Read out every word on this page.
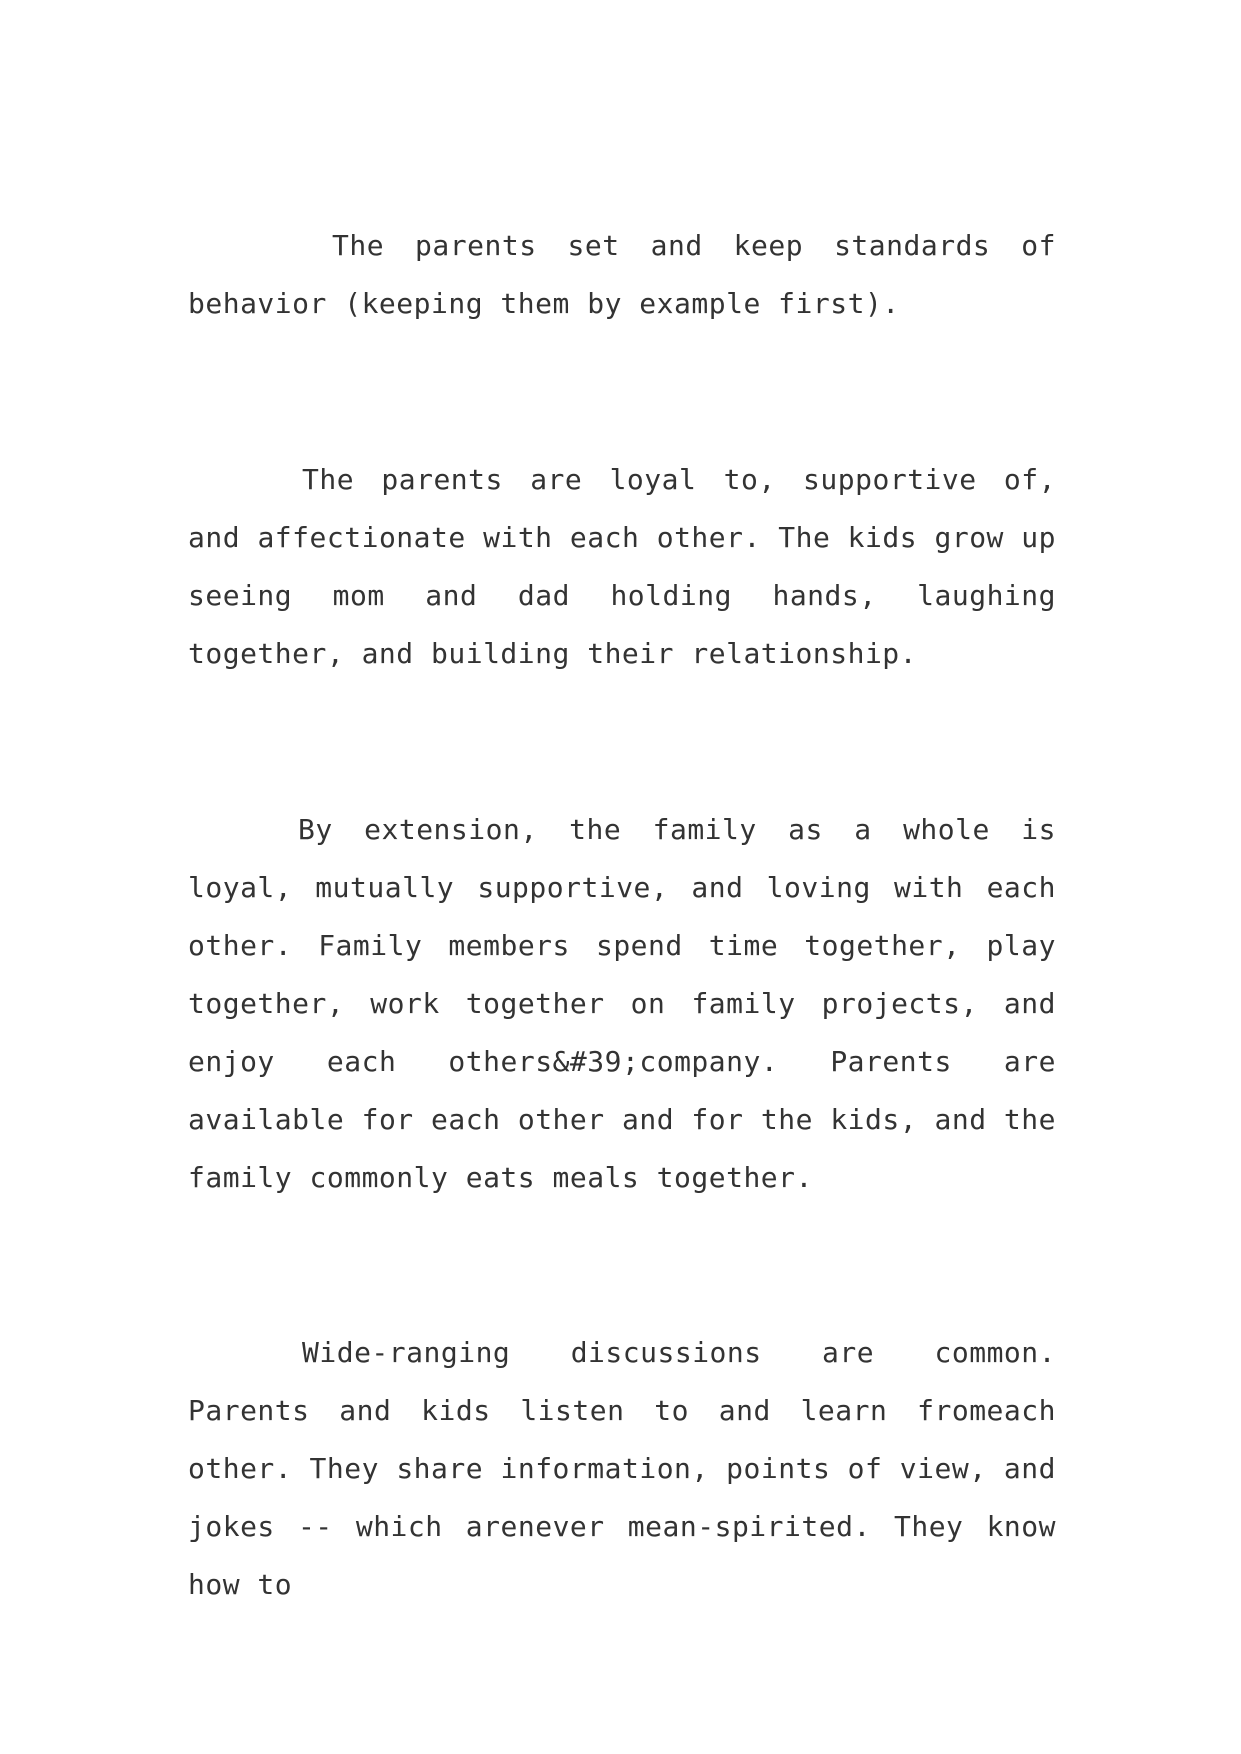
The parents set and keep standards of behavior (keeping them by example first).

The parents are loyal to, supportive of, and affectionate with each other. The kids grow up seeing mom and dad holding hands, laughing together, and building their relationship.

By extension, the family as a whole is loyal, mutually supportive, and loving with each other. Family members spend time together, play together, work together on family projects, and enjoy each others&#39;company. Parents are available for each other and for the kids, and the family commonly eats meals together.

Wide-ranging discussions are common. Parents and kids listen to and learn fromeach other. They share information, points of view, and jokes -- which arenever mean-spirited. They know how to
